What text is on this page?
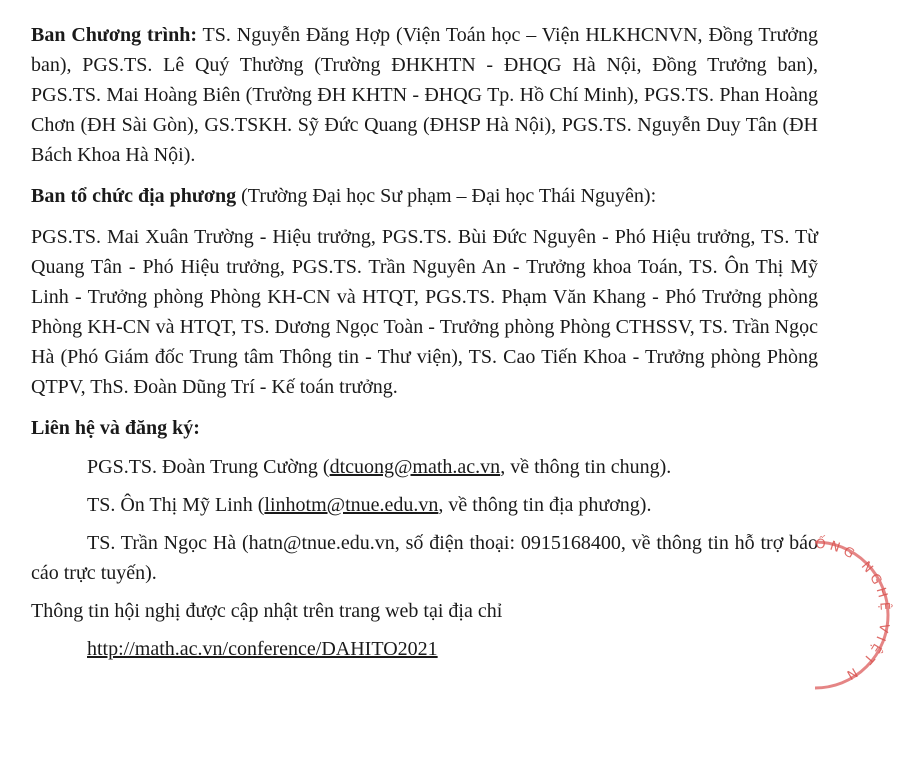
Ban Chương trình: TS. Nguyễn Đăng Hợp (Viện Toán học – Viện HLKHCNVN, Đồng Trưởng ban), PGS.TS. Lê Quý Thường (Trường ĐHKHTN - ĐHQG Hà Nội, Đồng Trưởng ban), PGS.TS. Mai Hoàng Biên (Trường ĐH KHTN - ĐHQG Tp. Hồ Chí Minh), PGS.TS. Phan Hoàng Chơn (ĐH Sài Gòn), GS.TSKH. Sỹ Đức Quang (ĐHSP Hà Nội), PGS.TS. Nguyễn Duy Tân (ĐH Bách Khoa Hà Nội).

Ban tổ chức địa phương (Trường Đại học Sư phạm – Đại học Thái Nguyên):

PGS.TS. Mai Xuân Trường - Hiệu trưởng, PGS.TS. Bùi Đức Nguyên - Phó Hiệu trưởng, TS. Từ Quang Tân - Phó Hiệu trưởng, PGS.TS. Trần Nguyên An - Trưởng khoa Toán, TS. Ôn Thị Mỹ Linh - Trưởng phòng Phòng KH-CN và HTQT, PGS.TS. Phạm Văn Khang - Phó Trưởng phòng Phòng KH-CN và HTQT, TS. Dương Ngọc Toàn - Trưởng phòng Phòng CTHSSV, TS. Trần Ngọc Hà (Phó Giám đốc Trung tâm Thông tin - Thư viện), TS. Cao Tiến Khoa - Trưởng phòng Phòng QTPV, ThS. Đoàn Dũng Trí - Kế toán trưởng.

Liên hệ và đăng ký:

PGS.TS. Đoàn Trung Cường (dtcuong@math.ac.vn, về thông tin chung).

TS. Ôn Thị Mỹ Linh (linhotm@tnue.edu.vn, về thông tin địa phương).

TS. Trần Ngọc Hà (hatn@tnue.edu.vn, số điện thoại: 0915168400, về thông tin hỗ trợ báo cáo trực tuyến).

Thông tin hội nghị được cập nhật trên trang web tại địa chỉ

http://math.ac.vn/conference/DAHITO2021
ỐNG NGHỆ VIỆT N
